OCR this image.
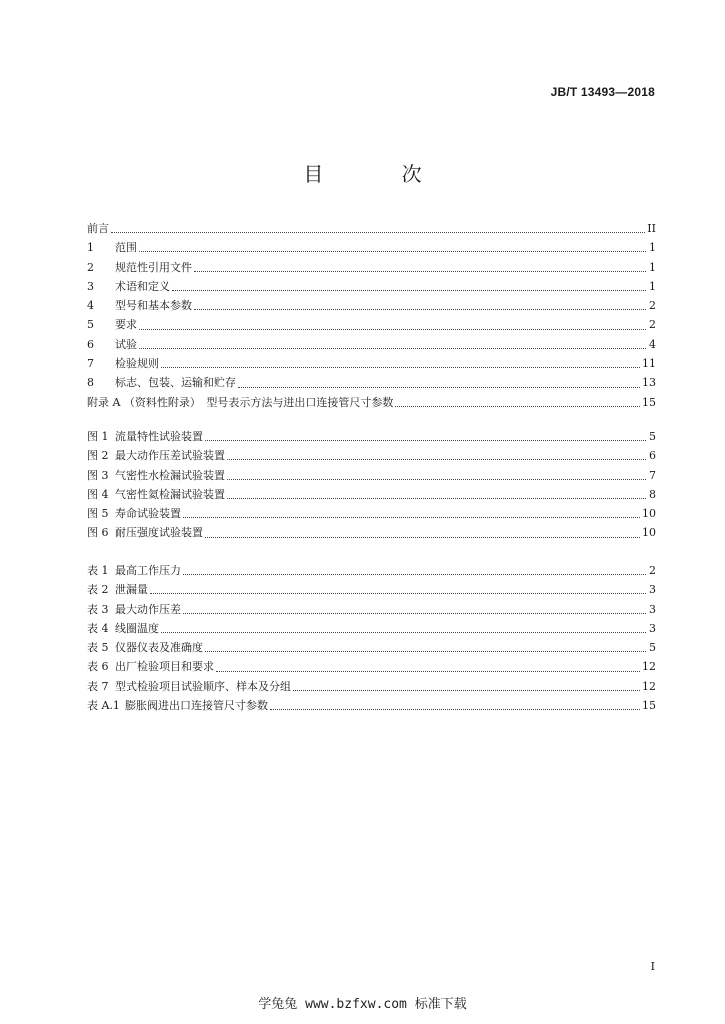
JB/T 13493—2018
目 次
前言	II
1	范围	1
2	规范性引用文件	1
3	术语和定义	1
4	型号和基本参数	2
5	要求	2
6	试验	4
7	检验规则	11
8	标志、包装、运输和贮存	13
附录 A （资料性附录）　型号表示方法与进出口连接管尺寸参数	15
图 1 流量特性试验装置	5
图 2 最大动作压差试验装置	6
图 3 气密性水检漏试验装置	7
图 4 气密性氦检漏试验装置	8
图 5 寿命试验装置	10
图 6 耐压强度试验装置	10
表 1 最高工作压力	2
表 2 泄漏量	3
表 3 最大动作压差	3
表 4 线圈温度	3
表 5 仪器仪表及准确度	5
表 6 出厂检验项目和要求	12
表 7 型式检验项目试验顺序、样本及分组	12
表 A.1 膨胀阀进出口连接管尺寸参数	15
I
学兔兔 www.bzfxw.com 标准下载
